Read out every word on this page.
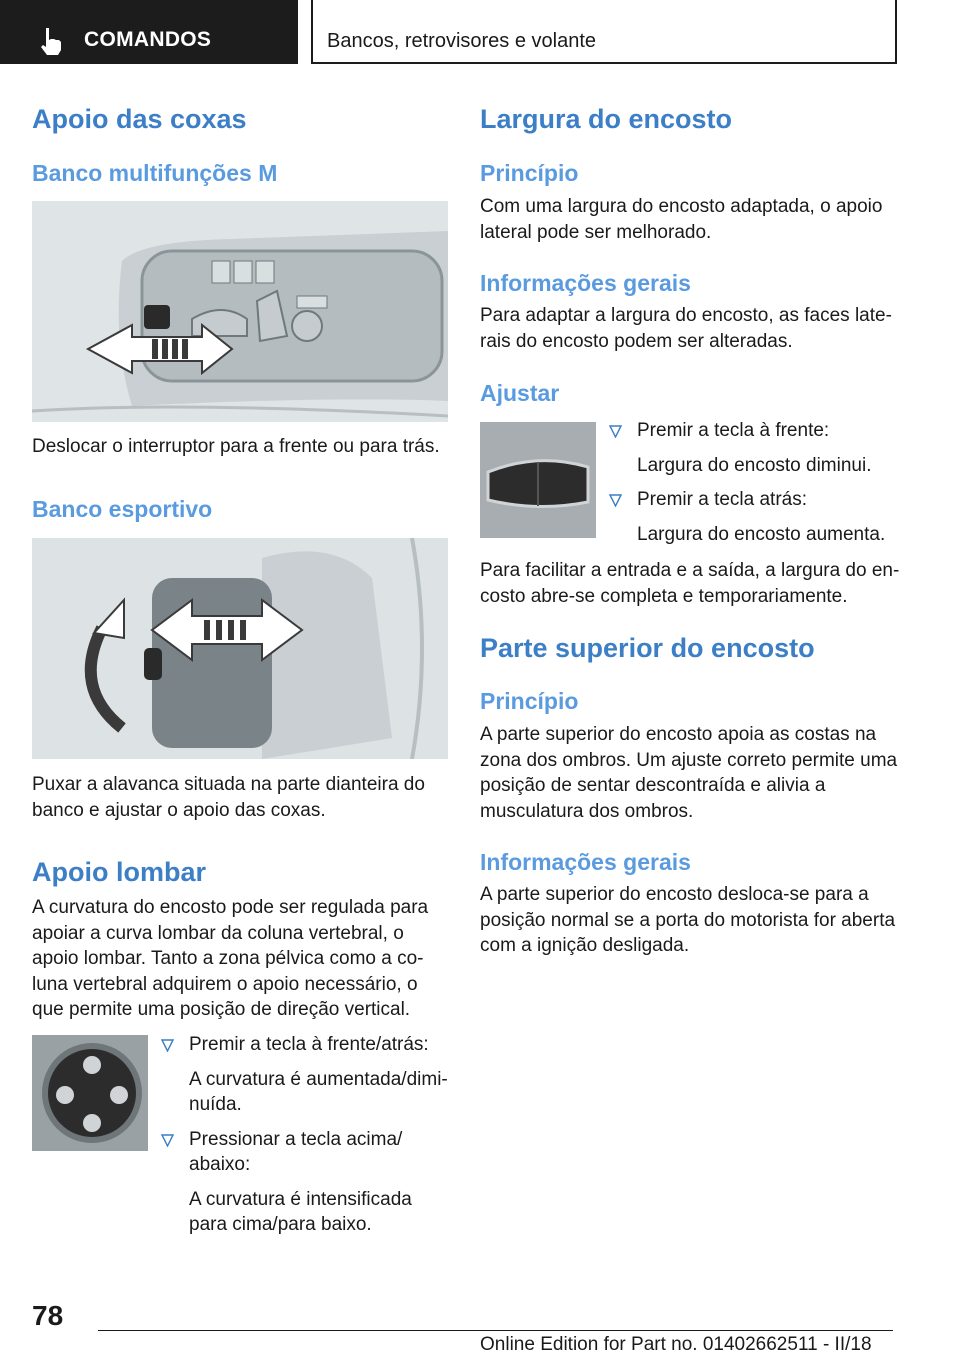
COMANDOS	Bancos, retrovisores e volante
Apoio das coxas
Banco multifunções M
Deslocar o interruptor para a frente ou para trás.
Banco esportivo
Puxar a alavanca situada na parte dianteira do banco e ajustar o apoio das coxas.
Apoio lombar
A curvatura do encosto pode ser regulada para apoiar a curva lombar da coluna vertebral, o apoio lombar. Tanto a zona pélvica como a co-luna vertebral adquirem o apoio necessário, o que permite uma posição de direção vertical.
Premir a tecla à frente/atrás:
A curvatura é aumentada/dimi-nuída.
Pressionar a tecla acima/ abaixo:
A curvatura é intensificada para cima/para baixo.
Largura do encosto
Princípio
Com uma largura do encosto adaptada, o apoio lateral pode ser melhorado.
Informações gerais
Para adaptar a largura do encosto, as faces late-rais do encosto podem ser alteradas.
Ajustar
Premir a tecla à frente:
Largura do encosto diminui.
Premir a tecla atrás:
Largura do encosto aumenta.
Para facilitar a entrada e a saída, a largura do en-costo abre-se completa e temporariamente.
Parte superior do encosto
Princípio
A parte superior do encosto apoia as costas na zona dos ombros. Um ajuste correto permite uma posição de sentar descontraída e alivia a musculatura dos ombros.
Informações gerais
A parte superior do encosto desloca-se para a posição normal se a porta do motorista for aberta com a ignição desligada.
78
Online Edition for Part no. 01402662511 - II/18
